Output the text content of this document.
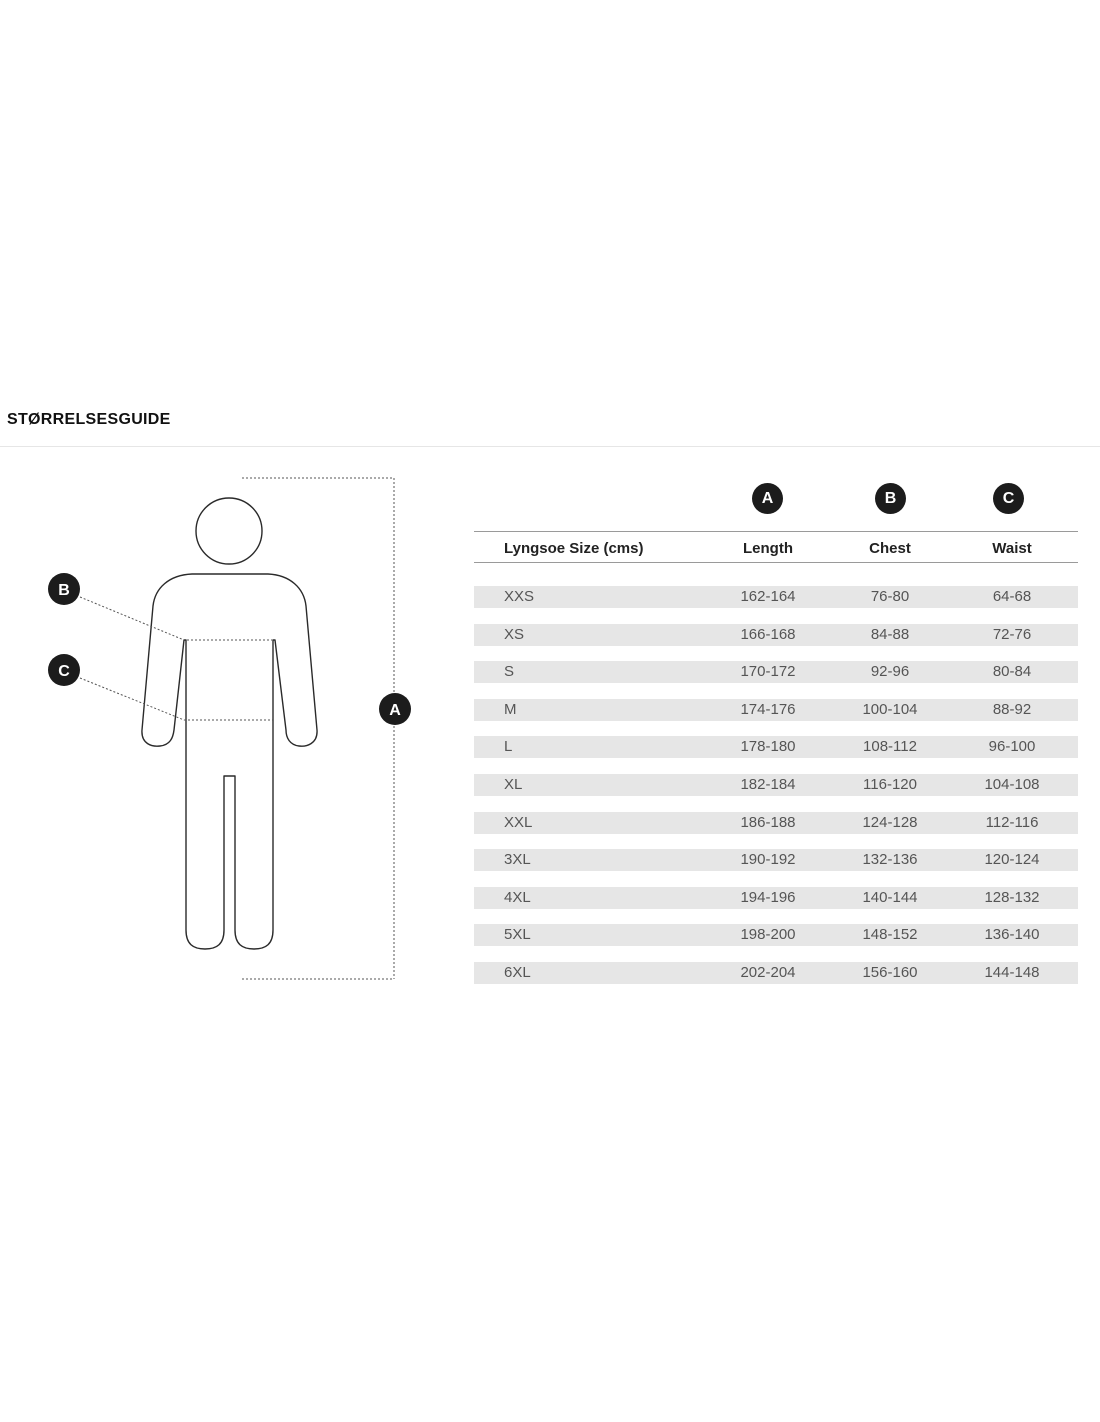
STØRRELSESGUIDE
B
C
A
A	B	C
Lyngsoe Size (cms)	Length	Chest	Waist
XXS	162-164	76-80	64-68
XS	166-168	84-88	72-76
S	170-172	92-96	80-84
M	174-176	100-104	88-92
L	178-180	108-112	96-100
XL	182-184	116-120	104-108
XXL	186-188	124-128	112-116
3XL	190-192	132-136	120-124
4XL	194-196	140-144	128-132
5XL	198-200	148-152	136-140
6XL	202-204	156-160	144-148
